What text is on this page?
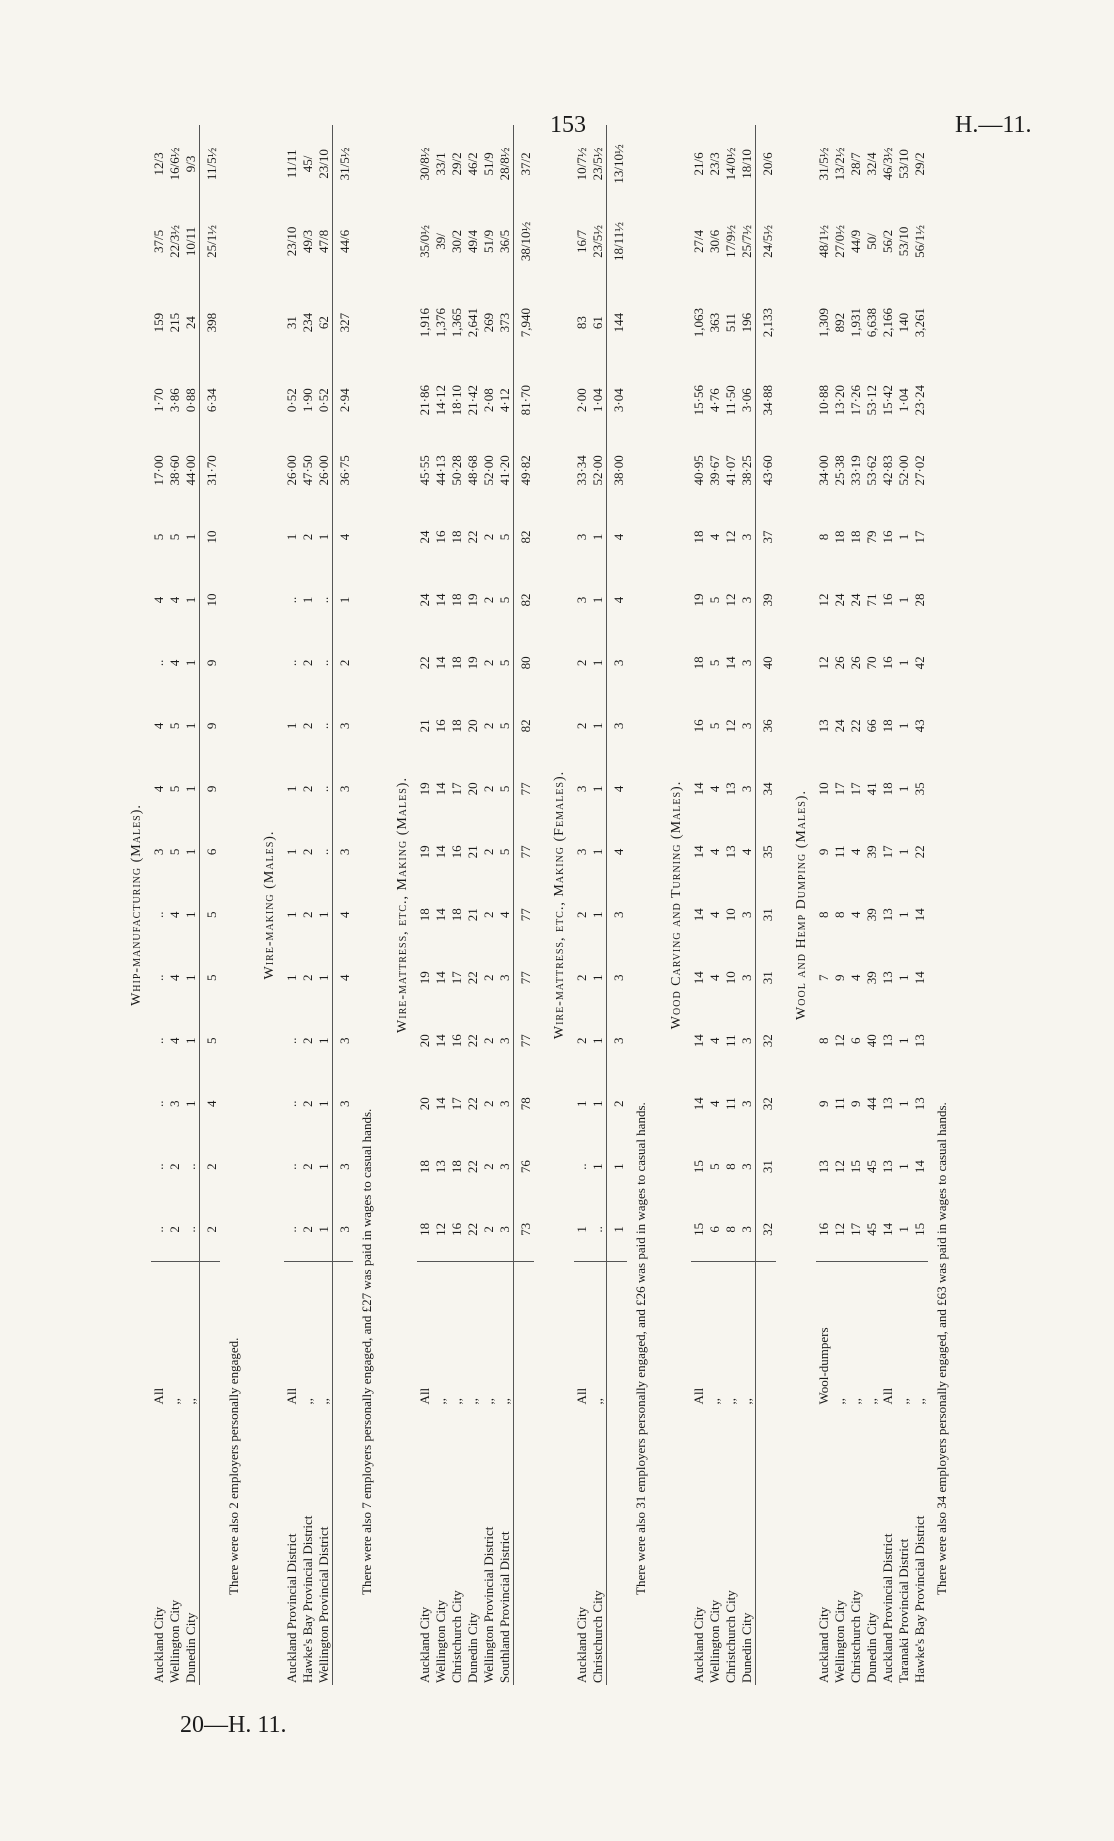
153	H.—11.
Whip-manufacturing (Males).
Auckland City	All	..	..	..	..	..	..	3	4	4	..	4	5	17·00	1·70	159	37/5	12/3
Wellington City	,,	2	2	3	4	4	4	5	5	5	4	4	5	38·60	3·86	215	22/3½	16/6½
Dunedin City	,,	..	..	1	1	1	1	1	1	1	1	1	1	44·00	0·88	24	10/11	9/3
		2	2	4	5	5	5	6	9	9	9	10	10	31·70	6·34	398	25/1½	11/5½
There were also 2 employers personally engaged.
Wire-making (Males).
Auckland Provincial District	All	..	..	..	..	1	1	1	1	1	..	..	1	26·00	0·52	31	23/10	11/11
Hawke's Bay Provincial District	,,	2	2	2	2	2	2	2	2	2	2	1	2	47·50	1·90	234	49/3	45/
Wellington Provincial District	,,	1	1	1	1	1	1	..	..	..	..	..	1	26·00	0·52	62	47/8	23/10
		3	3	3	3	4	4	3	3	3	2	1	4	36·75	2·94	327	44/6	31/5½
There were also 7 employers personally engaged, and £27 was paid in wages to casual hands.
Wire-mattress, etc., Making (Males).
Auckland City	All	18	18	20	20	19	18	19	19	21	22	24	24	45·55	21·86	1,916	35/0½	30/8½
Wellington City	,,	12	13	14	14	14	14	14	14	16	14	14	16	44·13	14·12	1,376	39/	33/1
Christchurch City	,,	16	18	17	16	17	18	16	17	18	18	18	18	50·28	18·10	1,365	30/2	29/2
Dunedin City	,,	22	22	22	22	22	21	21	20	20	19	19	22	48·68	21·42	2,641	49/4	46/2
Wellington Provincial District	,,	2	2	2	2	2	2	2	2	2	2	2	2	52·00	2·08	269	51/9	51/9
Southland Provincial District	,,	3	3	3	3	3	4	5	5	5	5	5	5	41·20	4·12	373	36/5	28/8½
		73	76	78	77	77	77	77	77	82	80	82	82	49·82	81·70	7,940	38/10½	37/2
Wire-mattress, etc., Making (Females).
Auckland City	All	1	..	1	2	2	2	3	3	2	2	3	3	33·34	2·00	83	16/7	10/7½
Christchurch City	,,	..	1	1	1	1	1	1	1	1	1	1	1	52·00	1·04	61	23/5½	23/5½
		1	1	2	3	3	3	4	4	3	3	4	4	38·00	3·04	144	18/11½	13/10½
There were also 31 employers personally engaged, and £26 was paid in wages to casual hands.
Wood Carving and Turning (Males).
Auckland City	All	15	15	14	14	14	14	14	14	16	18	19	18	40·95	15·56	1,063	27/4	21/6
Wellington City	,,	6	5	4	4	4	4	4	4	5	5	5	4	39·67	4·76	363	30/6	23/3
Christchurch City	,,	8	8	11	11	10	10	13	13	12	14	12	12	41·07	11·50	511	17/9½	14/0½
Dunedin City	,,	3	3	3	3	3	3	4	3	3	3	3	3	38·25	3·06	196	25/7½	18/10
		32	31	32	32	31	31	35	34	36	40	39	37	43·60	34·88	2,133	24/5½	20/6
Wool and Hemp Dumping (Males).
Auckland City	Wool-dumpers	16	13	9	8	7	8	9	10	13	12	12	8	34·00	10·88	1,309	48/1½	31/5½
Wellington City	,,	12	12	11	12	9	8	11	17	24	26	24	18	25·38	13·20	892	27/0½	13/2½
Christchurch City	,,	17	15	9	6	4	4	4	17	22	26	24	18	33·19	17·26	1,931	44/9	28/7
Dunedin City	,,	45	45	44	40	39	39	39	41	66	70	71	79	53·62	53·12	6,638	50/	32/4
Auckland Provincial District	All	14	13	13	13	13	13	17	18	18	16	16	16	42·83	15·42	2,166	56/2	46/3½
Taranaki Provincial District	,,	1	1	1	1	1	1	1	1	1	1	1	1	52·00	1·04	140	53/10	53/10
Hawke's Bay Provincial District	,,	15	14	13	13	14	14	22	35	43	42	28	17	27·02	23·24	3,261	56/1½	29/2
There were also 34 employers personally engaged, and £63 was paid in wages to casual hands.
20—H. 11.
